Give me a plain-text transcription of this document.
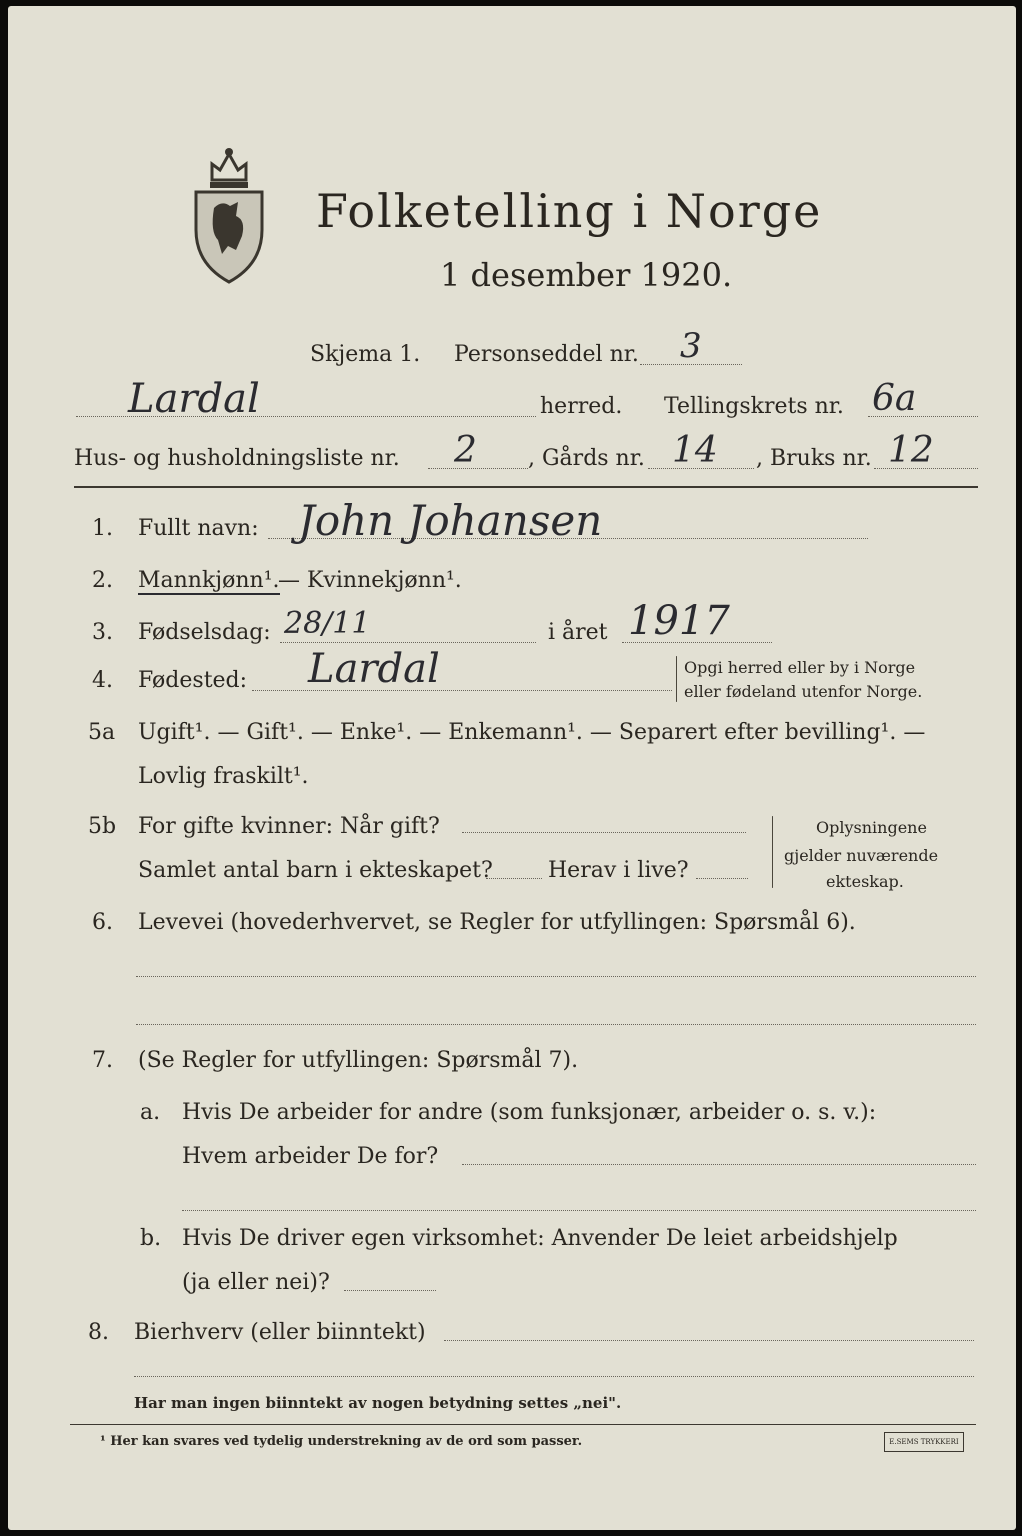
Folketelling i Norge
1 desember 1920.
Skjema 1. Personseddel nr. 3
Lardal	herred. Tellingskrets nr. 6a
Hus- og husholdningsliste nr. 2 , Gårds nr. 14 , Bruks nr. 12
1. Fullt navn: John Johansen
2. Mannkjønn¹.
— Kvinnekjønn¹.
3. Fødselsdag: 28/11	i året 1917
4. Fødested: Lardal	Opgi herred eller by i Norge
eller fødeland utenfor Norge.
5a Ugift¹. — Gift¹. — Enke¹. — Enkemann¹. — Separert efter bevilling¹. —
Lovlig fraskilt¹.
5b For gifte kvinner: Når gift?
Samlet antal barn i ekteskapet?	Herav i live?
Oplysningene
gjelder nuværende
ekteskap.
6. Levevei (hovederhvervet, se Regler for utfyllingen: Spørsmål 6).
7. (Se Regler for utfyllingen: Spørsmål 7).
a. Hvis De arbeider for andre (som funksjonær, arbeider o. s. v.):
Hvem arbeider De for?
b. Hvis De driver egen virksomhet: Anvender De leiet arbeidshjelp
(ja eller nei)?
8. Bierhverv (eller biinntekt)
Har man ingen biinntekt av nogen betydning settes „nei".
¹ Her kan svares ved tydelig understrekning av de ord som passer.	E.SEMS TRYKKERI
